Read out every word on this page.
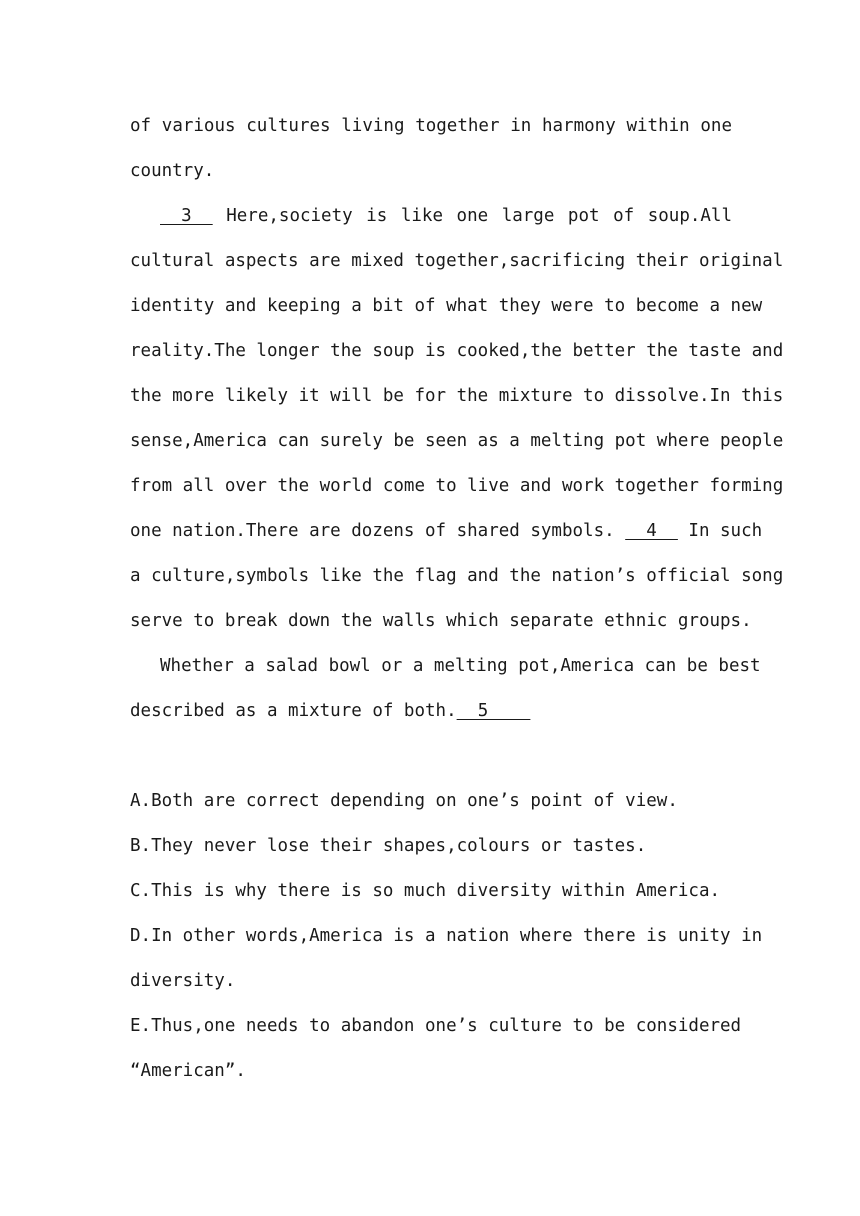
of various cultures living together in harmony within one
country.
3   Here,society is like one large pot of soup.All
cultural aspects are mixed together,sacrificing their original
identity and keeping a bit of what they were to become a new
reality.The longer the soup is cooked,the better the taste and
the more likely it will be for the mixture to dissolve.In this
sense,America can surely be seen as a melting pot where people
from all over the world come to live and work together forming
one nation.There are dozens of shared symbols.   4   In such
a culture,symbols like the flag and the nation’s official song
serve to break down the walls which separate ethnic groups.
Whether a salad bowl or a melting pot,America can be best
described as a mixture of both.  5
A.Both are correct depending on one’s point of view.
B.They never lose their shapes,colours or tastes.
C.This is why there is so much diversity within America.
D.In other words,America is a nation where there is unity in
diversity.
E.Thus,one needs to abandon one’s culture to be considered
“American”.
